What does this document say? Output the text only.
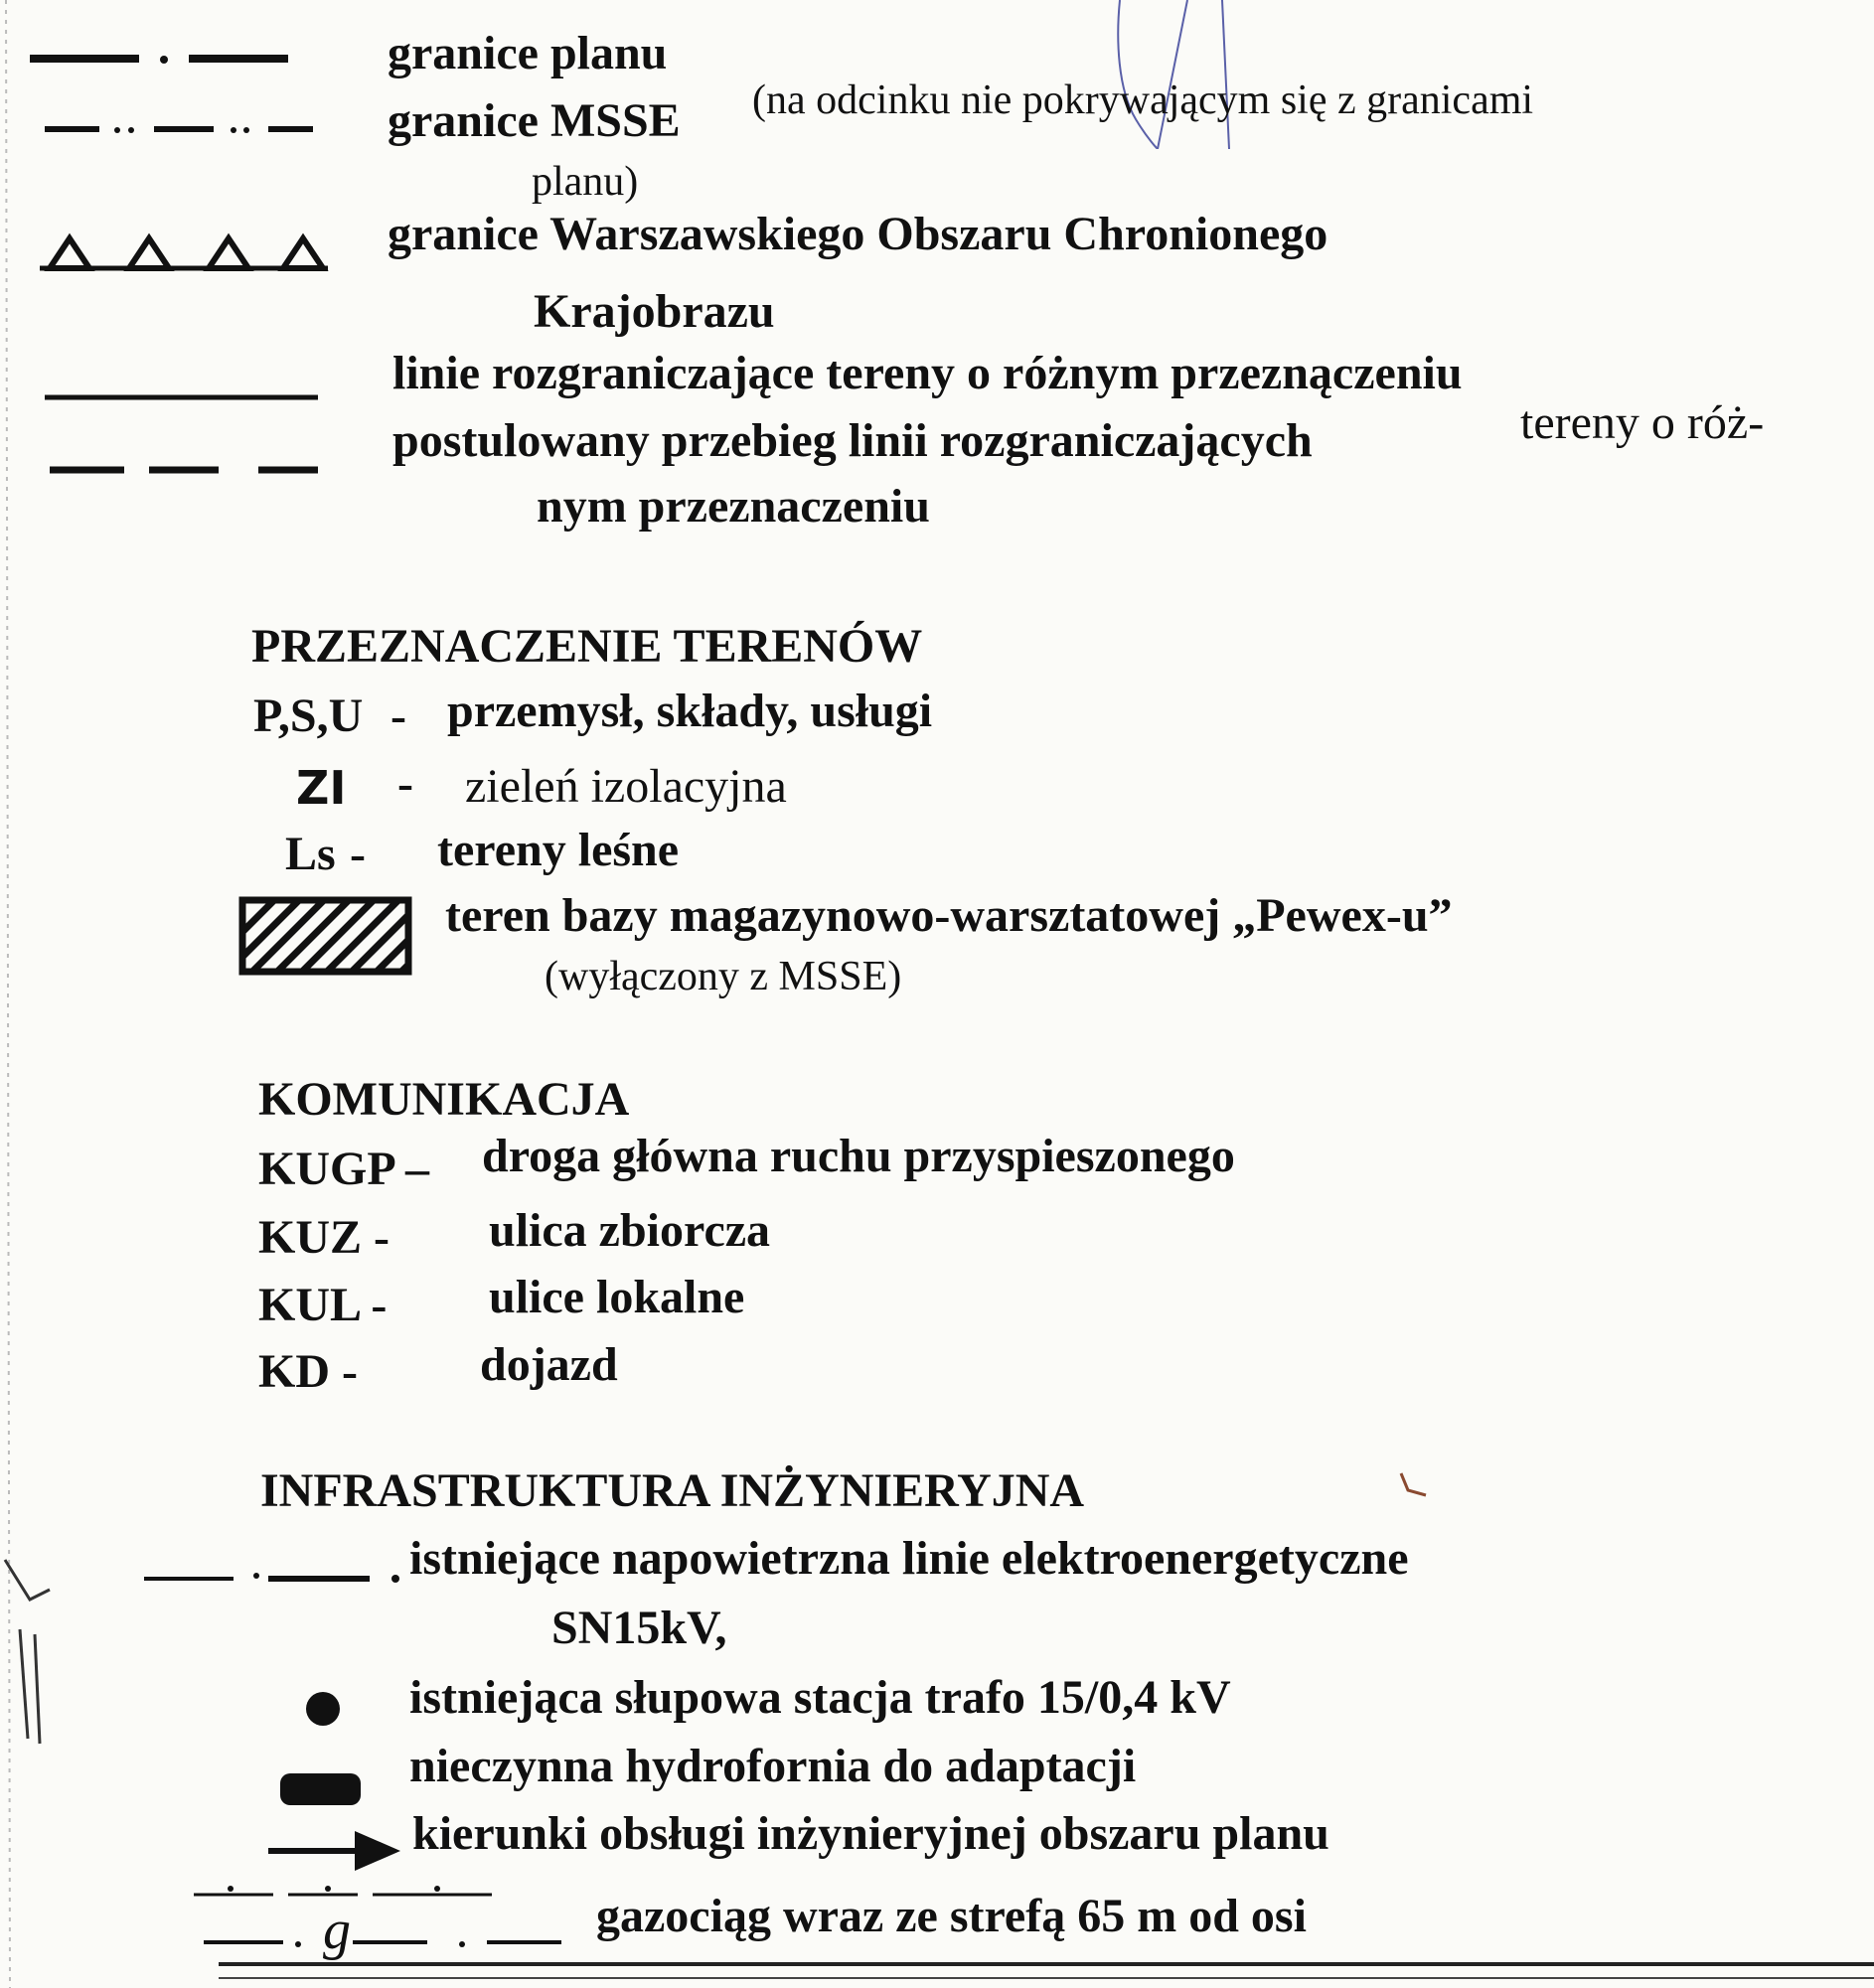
granice planu
granice MSSE (na odcinku nie pokrywającym się z granicami
planu)
granice Warszawskiego Obszaru Chronionego
Krajobrazu
linie rozgraniczające tereny o różnym przeznączeniu
postulowany przebieg linii rozgraniczających	tereny o róż-
nym przeznaczeniu
PRZEZNACZENIE TERENÓW
P,S,U - przemysł, składy, usługi
ZI - zieleń izolacyjna
Ls - tereny leśne
teren bazy magazynowo-warsztatowej „Pewex-u”
(wyłączony z MSSE)
KOMUNIKACJA
KUGP – droga główna ruchu przyspieszonego
KUZ - ulica zbiorcza
KUL - ulice lokalne
KD -	dojazd
INFRASTRUKTURA INŻYNIERYJNA
istniejące napowietrzna linie elektroenergetyczne
SN15kV,
istniejąca słupowa stacja trafo 15/0,4 kV
nieczynna hydrofornia do adaptacji
kierunki obsługi inżynieryjnej obszaru planu
g	gazociąg wraz ze strefą 65 m od osi
